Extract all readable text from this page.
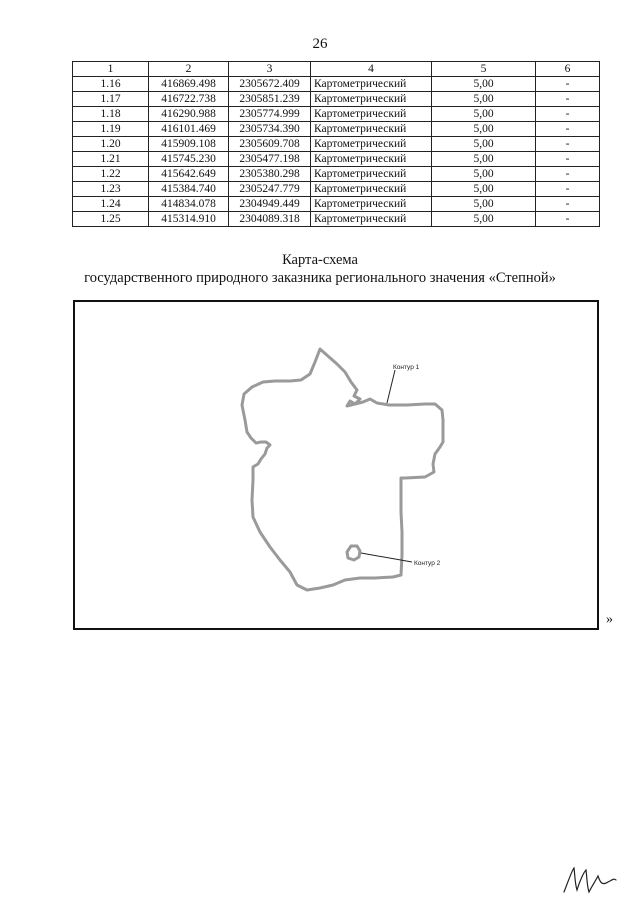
26
1	2	3	4	5	6
1.16	416869.498	2305672.409	Картометрический	5,00	-
1.17	416722.738	2305851.239	Картометрический	5,00	-
1.18	416290.988	2305774.999	Картометрический	5,00	-
1.19	416101.469	2305734.390	Картометрический	5,00	-
1.20	415909.108	2305609.708	Картометрический	5,00	-
1.21	415745.230	2305477.198	Картометрический	5,00	-
1.22	415642.649	2305380.298	Картометрический	5,00	-
1.23	415384.740	2305247.779	Картометрический	5,00	-
1.24	414834.078	2304949.449	Картометрический	5,00	-
1.25	415314.910	2304089.318	Картометрический	5,00	-
Карта-схема
государственного природного заказника регионального значения «Степной»
Контур 1
Контур 2
»
